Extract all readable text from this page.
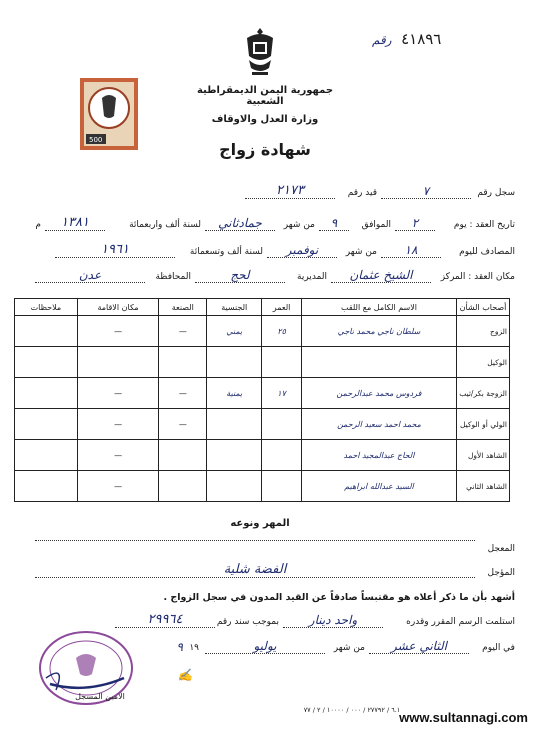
٤١٨٩٦  رقم
500
جمهورية اليمن الديمقراطية الشعبية
وزارة العدل والاوقاف
شهادة زواج
سجل رقم
٧
قيد رقم
٢١٧٣
تاريخ العقد : يوم
٢
الموافق
٩
من شهر
جمادثاني
لسنة ألف واربعمائة
١٣٨١
م
المصادف لليوم
١٨
من شهر
نوفمبر
لسنة ألف وتسعمائة
١٩٦١
مكان العقد : المركز
الشيخ عثمان
المديرية
لحج
المحافظة
عدن
أصحاب الشأن	الاسم الكامل مع اللقب	العمر	الجنسية	الصنعة	مكان الاقامة	ملاحظات
الزوج	سلطان ناجي محمد ناجي	٢٥	يمني	—	—	
الوكيل						
الزوجة بكر/ثيب	فردوس محمد عبدالرحمن	١٧	يمنية	—	—	
الولي أو الوكيل	محمد احمد سعيد الرحمن			—	—	
الشاهد الأول	الحاج عبدالمجيد احمد				—	
الشاهد الثاني	السيد عبدالله ابراهيم				—	
المهر ونوعه
المعجل
المؤجل
الفضة شلية
أشهد بأن ما ذكر أعلاه هو مقتبساً صادقاً عن القيد المدون في سجل الزواج .
استلمت الرسم المقرر وقدره
واحد دينار
بموجب سند رقم
٢٩٩٦٤
في اليوم
الثاني عشر
من شهر
يوليو
١٩
٩
✍
الامين المسجل
٦.١ / ٢٧٧٩٢ / ٠٠٠ / ١٠٠٠٠ / ٢ / ٧٧
www.sultannagi.com
